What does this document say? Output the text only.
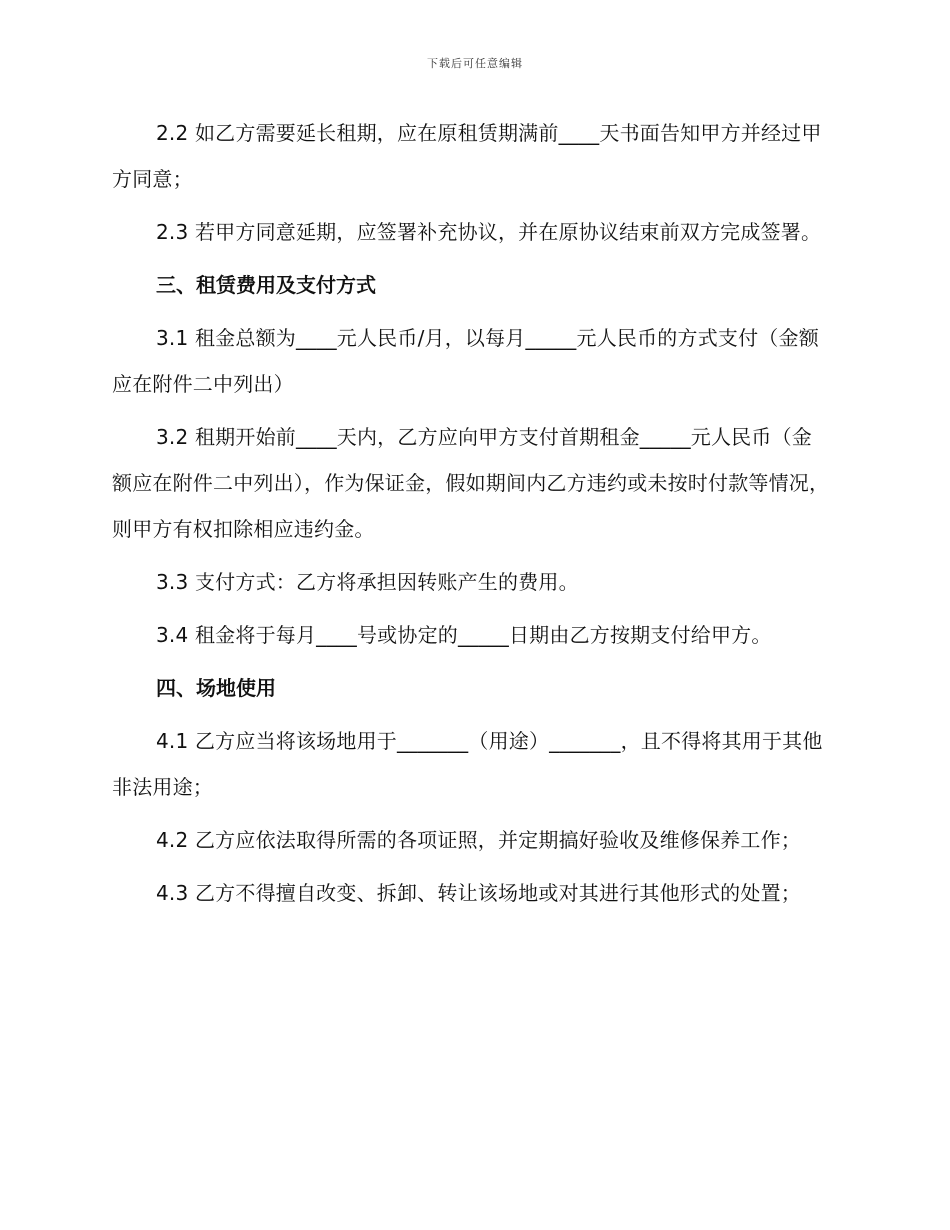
下载后可任意编辑

2.2 如乙方需要延长租期，应在原租赁期满前____天书面告知甲方并经过甲方同意；

2.3 若甲方同意延期，应签署补充协议，并在原协议结束前双方完成签署。

三、租赁费用及支付方式

3.1 租金总额为____元人民币/月，以每月_____元人民币的方式支付（金额应在附件二中列出）

3.2 租期开始前____天内，乙方应向甲方支付首期租金_____元人民币（金额应在附件二中列出），作为保证金，假如期间内乙方违约或未按时付款等情况，则甲方有权扣除相应违约金。

3.3 支付方式：乙方将承担因转账产生的费用。

3.4 租金将于每月____号或协定的_____日期由乙方按期支付给甲方。

四、场地使用

4.1 乙方应当将该场地用于_______（用途）_______，且不得将其用于其他非法用途；

4.2 乙方应依法取得所需的各项证照，并定期搞好验收及维修保养工作；

4.3 乙方不得擅自改变、拆卸、转让该场地或对其进行其他形式的处置；
